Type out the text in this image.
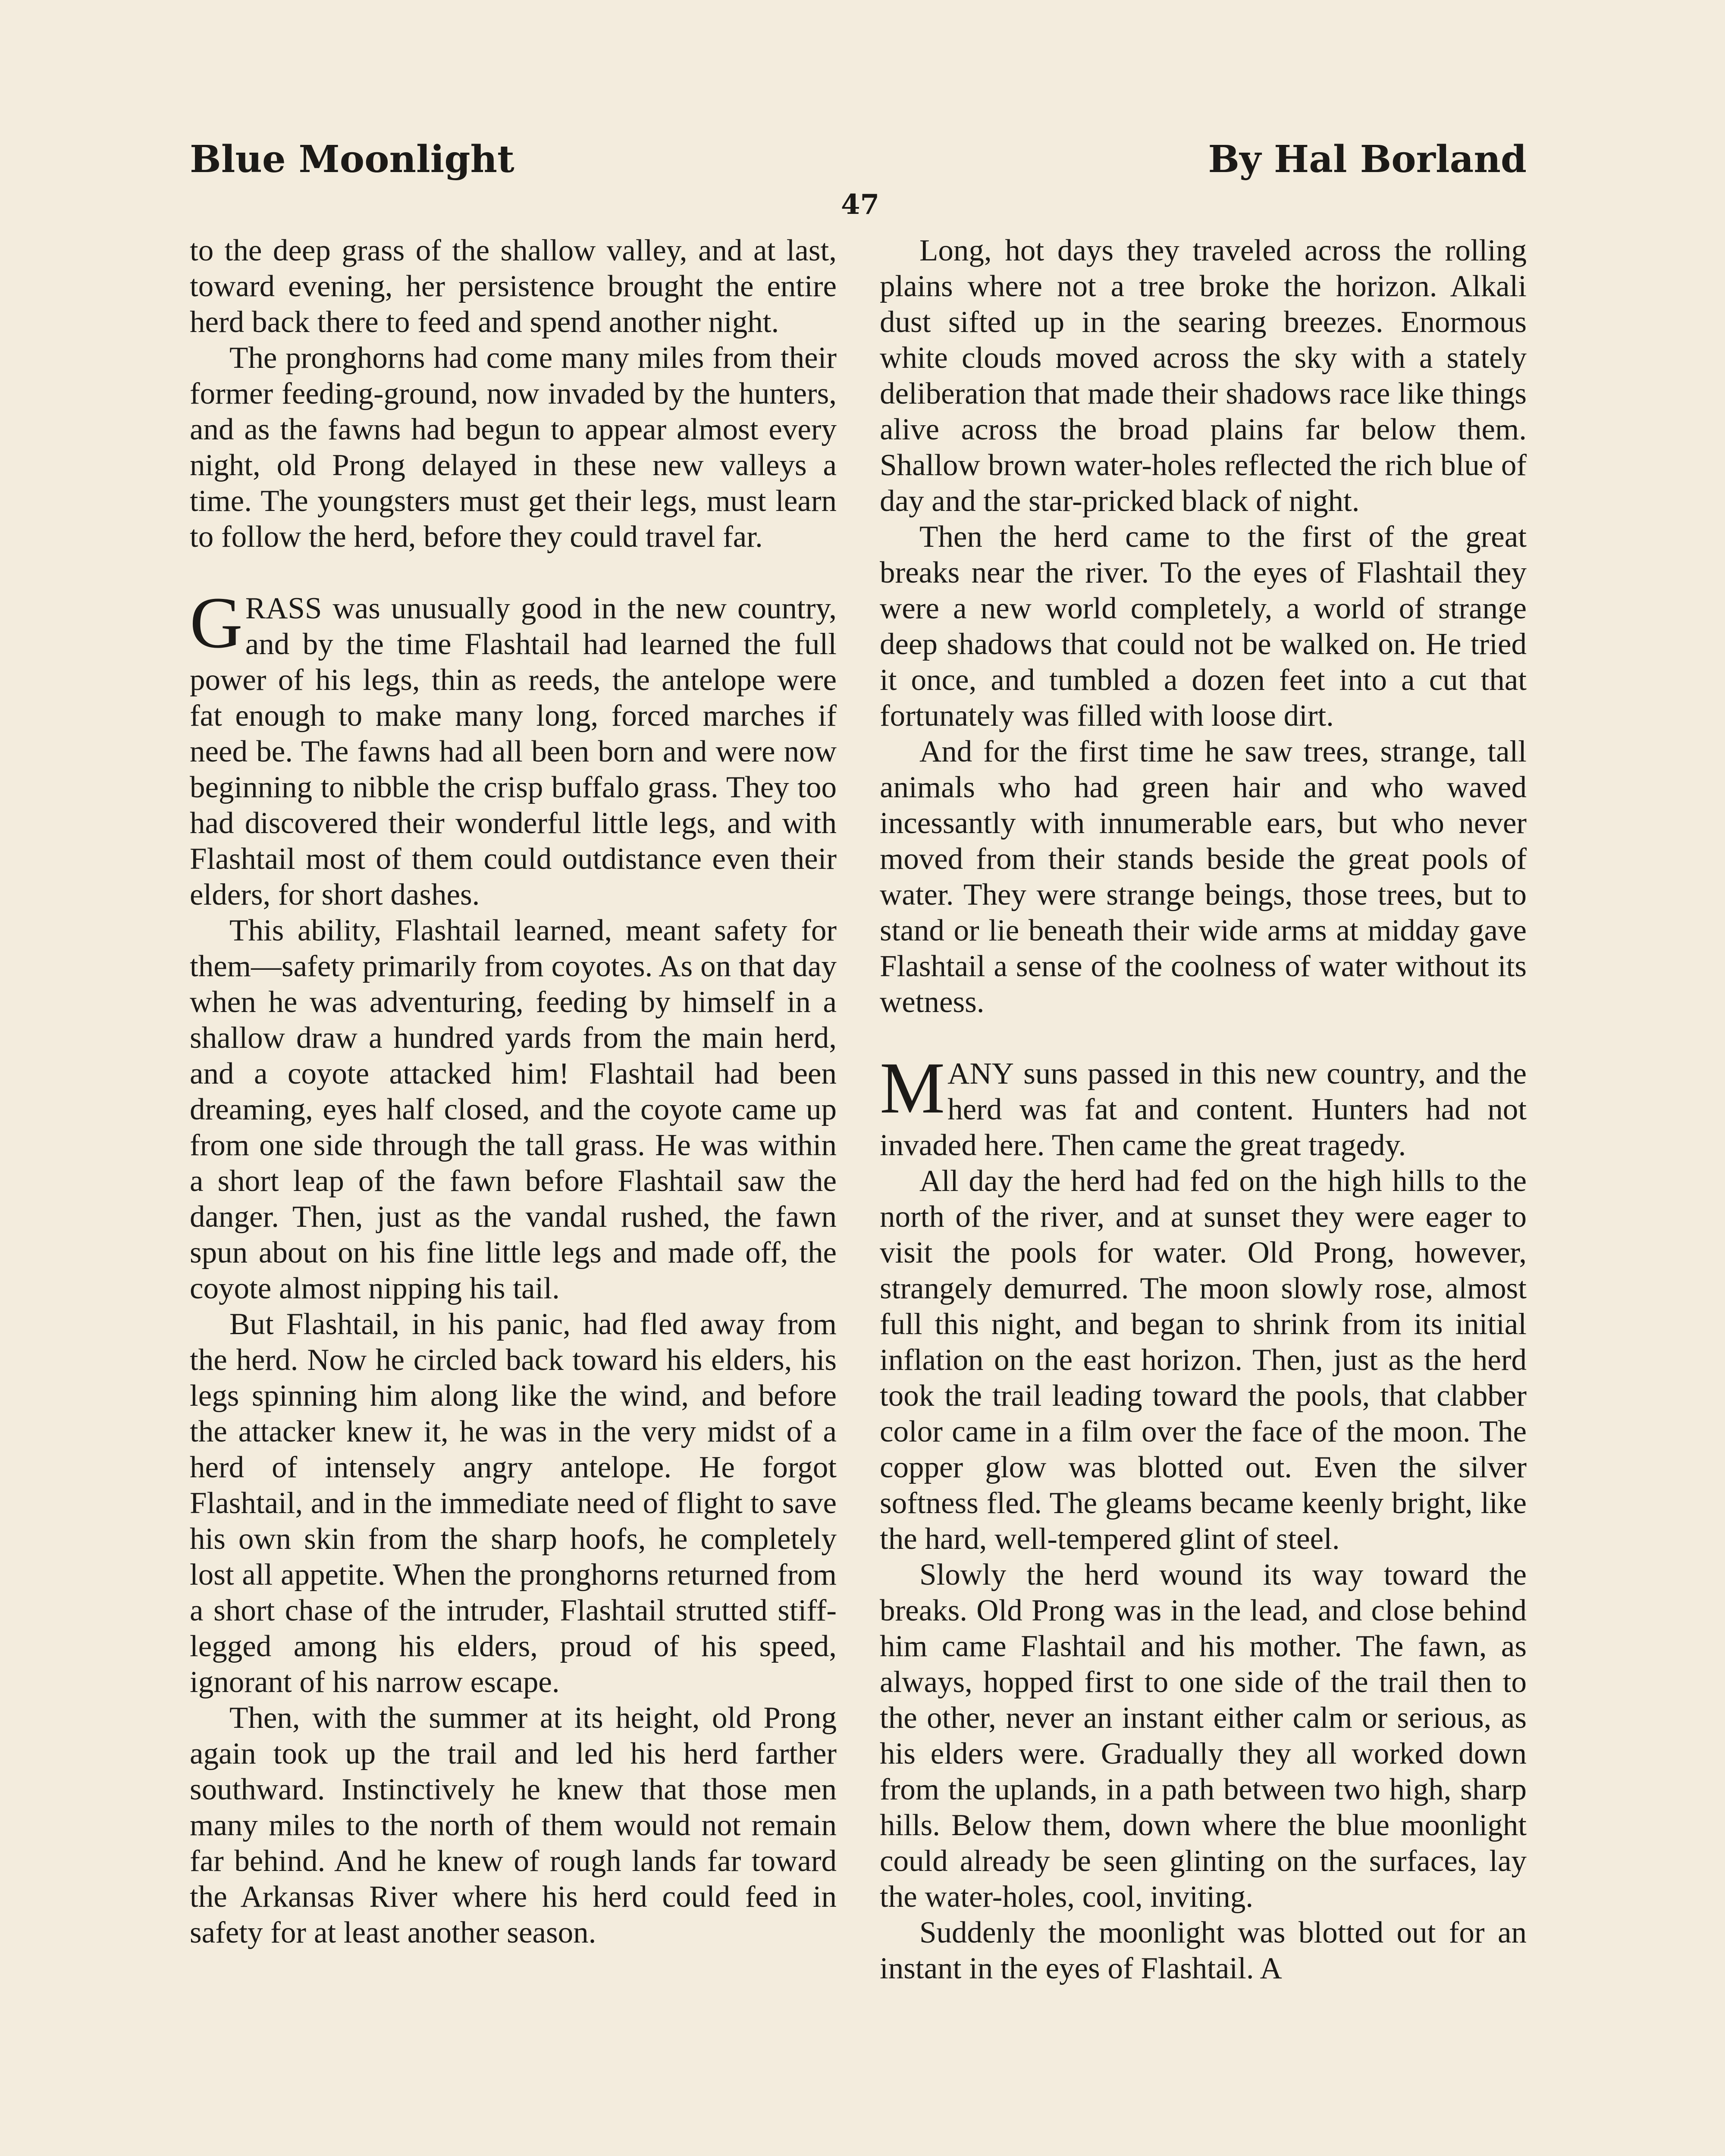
Blue Moonlight	By Hal Borland
47

to the deep grass of the shallow valley, and at last, toward evening, her persistence brought the entire herd back there to feed and spend another night.

The pronghorns had come many miles from their former feeding-ground, now invaded by the hunters, and as the fawns had begun to appear almost every night, old Prong delayed in these new valleys a time. The youngsters must get their legs, must learn to follow the herd, before they could travel far.

GRASS was unusually good in the new country, and by the time Flashtail had learned the full power of his legs, thin as reeds, the antelope were fat enough to make many long, forced marches if need be. The fawns had all been born and were now beginning to nibble the crisp buffalo grass. They too had discovered their wonderful little legs, and with Flashtail most of them could outdistance even their elders, for short dashes.

This ability, Flashtail learned, meant safety for them—safety primarily from coyotes. As on that day when he was adventuring, feeding by himself in a shallow draw a hundred yards from the main herd, and a coyote attacked him! Flashtail had been dreaming, eyes half closed, and the coyote came up from one side through the tall grass. He was within a short leap of the fawn before Flashtail saw the danger. Then, just as the vandal rushed, the fawn spun about on his fine little legs and made off, the coyote almost nipping his tail.

But Flashtail, in his panic, had fled away from the herd. Now he circled back toward his elders, his legs spinning him along like the wind, and before the attacker knew it, he was in the very midst of a herd of intensely angry antelope. He forgot Flashtail, and in the immediate need of flight to save his own skin from the sharp hoofs, he completely lost all appetite. When the pronghorns returned from a short chase of the intruder, Flashtail strutted stiff-legged among his elders, proud of his speed, ignorant of his narrow escape.

Then, with the summer at its height, old Prong again took up the trail and led his herd farther southward. Instinctively he knew that those men many miles to the north of them would not remain far behind. And he knew of rough lands far toward the Arkansas River where his herd could feed in safety for at least another season.

Long, hot days they traveled across the rolling plains where not a tree broke the horizon. Alkali dust sifted up in the searing breezes. Enormous white clouds moved across the sky with a stately deliberation that made their shadows race like things alive across the broad plains far below them. Shallow brown water-holes reflected the rich blue of day and the star-pricked black of night.

Then the herd came to the first of the great breaks near the river. To the eyes of Flashtail they were a new world completely, a world of strange deep shadows that could not be walked on. He tried it once, and tumbled a dozen feet into a cut that fortunately was filled with loose dirt.

And for the first time he saw trees, strange, tall animals who had green hair and who waved incessantly with innumerable ears, but who never moved from their stands beside the great pools of water. They were strange beings, those trees, but to stand or lie beneath their wide arms at midday gave Flashtail a sense of the coolness of water without its wetness.

MANY suns passed in this new country, and the herd was fat and content. Hunters had not invaded here. Then came the great tragedy.

All day the herd had fed on the high hills to the north of the river, and at sunset they were eager to visit the pools for water. Old Prong, however, strangely demurred. The moon slowly rose, almost full this night, and began to shrink from its initial inflation on the east horizon. Then, just as the herd took the trail leading toward the pools, that clabber color came in a film over the face of the moon. The copper glow was blotted out. Even the silver softness fled. The gleams became keenly bright, like the hard, well-tempered glint of steel.

Slowly the herd wound its way toward the breaks. Old Prong was in the lead, and close behind him came Flashtail and his mother. The fawn, as always, hopped first to one side of the trail then to the other, never an instant either calm or serious, as his elders were. Gradually they all worked down from the uplands, in a path between two high, sharp hills. Below them, down where the blue moonlight could already be seen glinting on the surfaces, lay the water-holes, cool, inviting.

Suddenly the moonlight was blotted out for an instant in the eyes of Flashtail. A
